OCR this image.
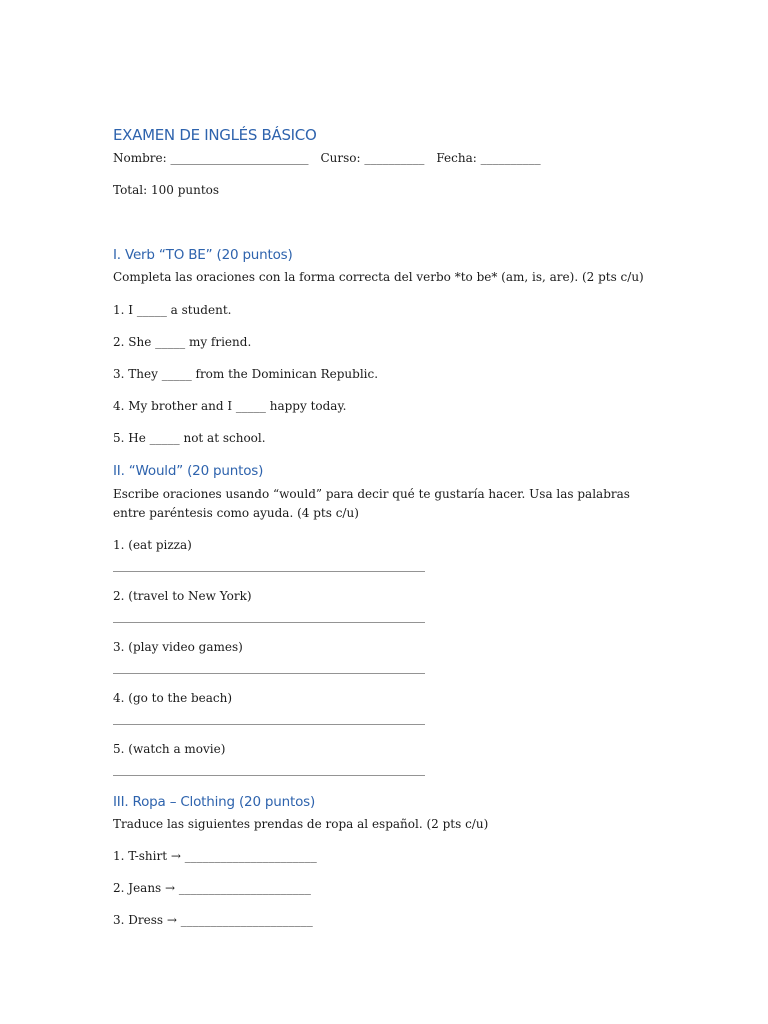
EXAMEN DE INGLÉS BÁSICO
Nombre: _______________________ Curso: __________ Fecha: __________
Total: 100 puntos
I. Verb “TO BE” (20 puntos)
Completa las oraciones con la forma correcta del verbo *to be* (am, is, are). (2 pts c/u)
1. I _____ a student.
2. She _____ my friend.
3. They _____ from the Dominican Republic.
4. My brother and I _____ happy today.
5. He _____ not at school.
II. “Would” (20 puntos)
Escribe oraciones usando “would” para decir qué te gustaría hacer. Usa las palabras entre paréntesis como ayuda. (4 pts c/u)
1. (eat pizza)
____________________________________________________
2. (travel to New York)
____________________________________________________
3. (play video games)
____________________________________________________
4. (go to the beach)
____________________________________________________
5. (watch a movie)
____________________________________________________
III. Ropa – Clothing (20 puntos)
Traduce las siguientes prendas de ropa al español. (2 pts c/u)
1. T-shirt → ______________________
2. Jeans → ______________________
3. Dress → ______________________
